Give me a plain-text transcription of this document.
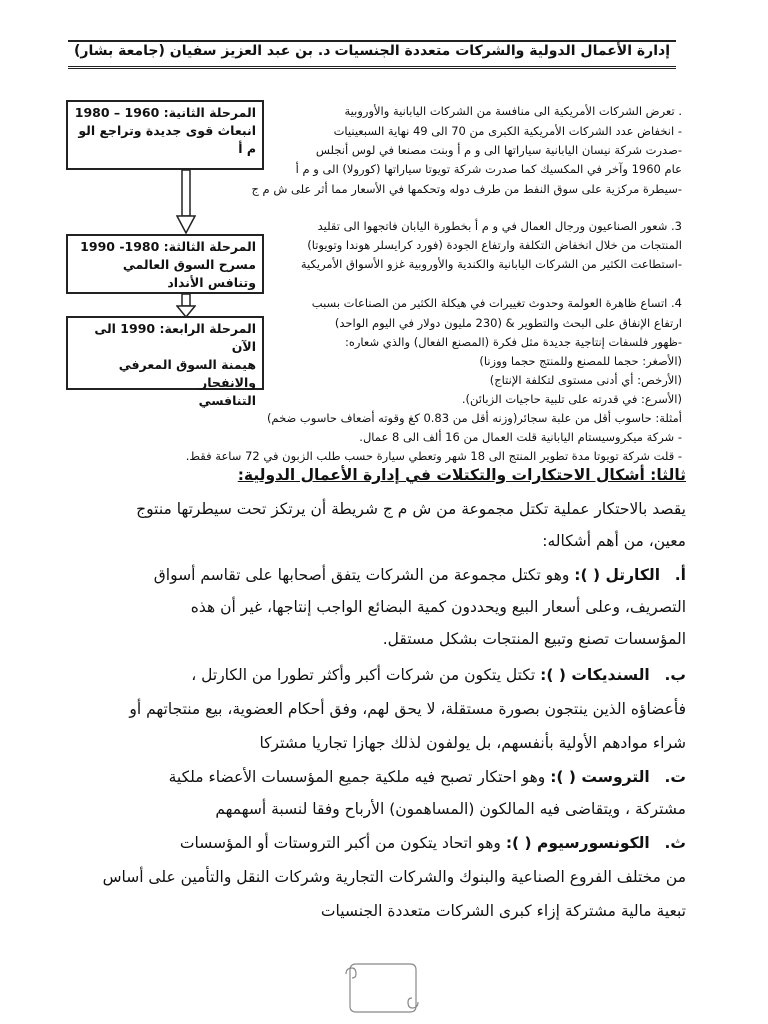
إدارة الأعمال الدولية والشركات متعددة الجنسيات
د. بن عبد العزيز سفيان (جامعة بشار)
المرحلة الثانية: 1960 – 1980
انبعاث قوى جديدة وتراجع الو م أ
المرحلة الثالثة: 1980- 1990
مسرح السوق العالمي وتنافس الأنداد
المرحلة الرابعة: 1990 الى الآن
هيمنة السوق المعرفي والانفجار
التنافسي
. تعرض الشركات الأمريكية الى منافسة من الشركات اليابانية والأوروبية
- انخفاض عدد الشركات الأمريكية الكبرى من 70 الى 49 نهاية السبعينيات
-صدرت شركة نيسان اليابانية سياراتها الى و م أ وبنت مصنعا في لوس أنجلس
عام 1960 وآخر في المكسيك كما صدرت شركة تويوتا سياراتها (كورولا) الى و م أ
-سيطرة مركزية على سوق النفط من طرف دوله وتحكمها في الأسعار مما أثر على ش م ج
3. شعور الصناعيون ورجال العمال في و م أ بخطورة اليابان فاتجهوا الى تقليد
المنتجات من خلال انخفاض التكلفة وارتفاع الجودة (فورد كرايسلر هوندا وتويوتا)
-استطاعت الكثير من الشركات اليابانية والكندية والأوروبية غزو الأسواق الأمريكية
4. اتساع ظاهرة العولمة وحدوث تغييرات في هيكلة الكثير من الصناعات بسبب
ارتفاع الإنفاق على البحث والتطوير & (230 مليون دولار في اليوم الواحد)
-ظهور فلسفات إنتاجية جديدة مثل فكرة (المصنع الفعال) والذي شعاره:
(الأصغر: حجما للمصنع وللمنتج حجما ووزنا)
(الأرخص: أي أدنى مستوى لتكلفة الإنتاج)
(الأسرع: في قدرته على تلبية حاجيات الزبائن).
أمثلة: حاسوب أقل من علبة سجائر(وزنه أقل من 0.83 كغ وقوته أضعاف حاسوب ضخم)
- شركة ميكروسيستام اليابانية قلت العمال من 16 ألف الى 8 عمال.
- قلت شركة تويوتا مدة تطوير المنتج الى 18 شهر وتعطي سيارة حسب طلب الزبون في 72 ساعة فقط.
ثالثا: أشكال الاحتكارات والتكتلات في إدارة الأعمال الدولية:
يقصد بالاحتكار عملية تكتل مجموعة من ش م ج شريطة أن يرتكز تحت سيطرتها منتوج
معين، من أهم أشكاله:
أ.   الكارتل ( ): وهو تكتل مجموعة من الشركات يتفق أصحابها على تقاسم أسواق
التصريف، وعلى أسعار البيع ويحددون كمية البضائع الواجب إنتاجها، غير أن هذه
المؤسسات تصنع وتبيع المنتجات بشكل مستقل.
ب.   السنديكات ( ): تكتل يتكون من شركات أكبر وأكثر تطورا من الكارتل ،
فأعضاؤه الذين ينتجون بصورة مستقلة، لا يحق لهم، وفق أحكام العضوية، بيع منتجاتهم أو
شراء موادهم الأولية بأنفسهم، بل يولفون لذلك جهازا تجاريا مشتركا
ت.   التروست ( ): وهو احتكار تصبح فيه ملكية جميع المؤسسات الأعضاء ملكية
مشتركة ، ويتقاضى فيه المالكون (المساهمون) الأرباح وفقا لنسبة أسهمهم
ث.   الكونسورسيوم ( ): وهو اتحاد يتكون من أكبر التروستات أو المؤسسات
من مختلف الفروع الصناعية والبنوك والشركات التجارية وشركات النقل والتأمين على أساس
تبعية مالية مشتركة إزاء كبرى الشركات متعددة الجنسيات
